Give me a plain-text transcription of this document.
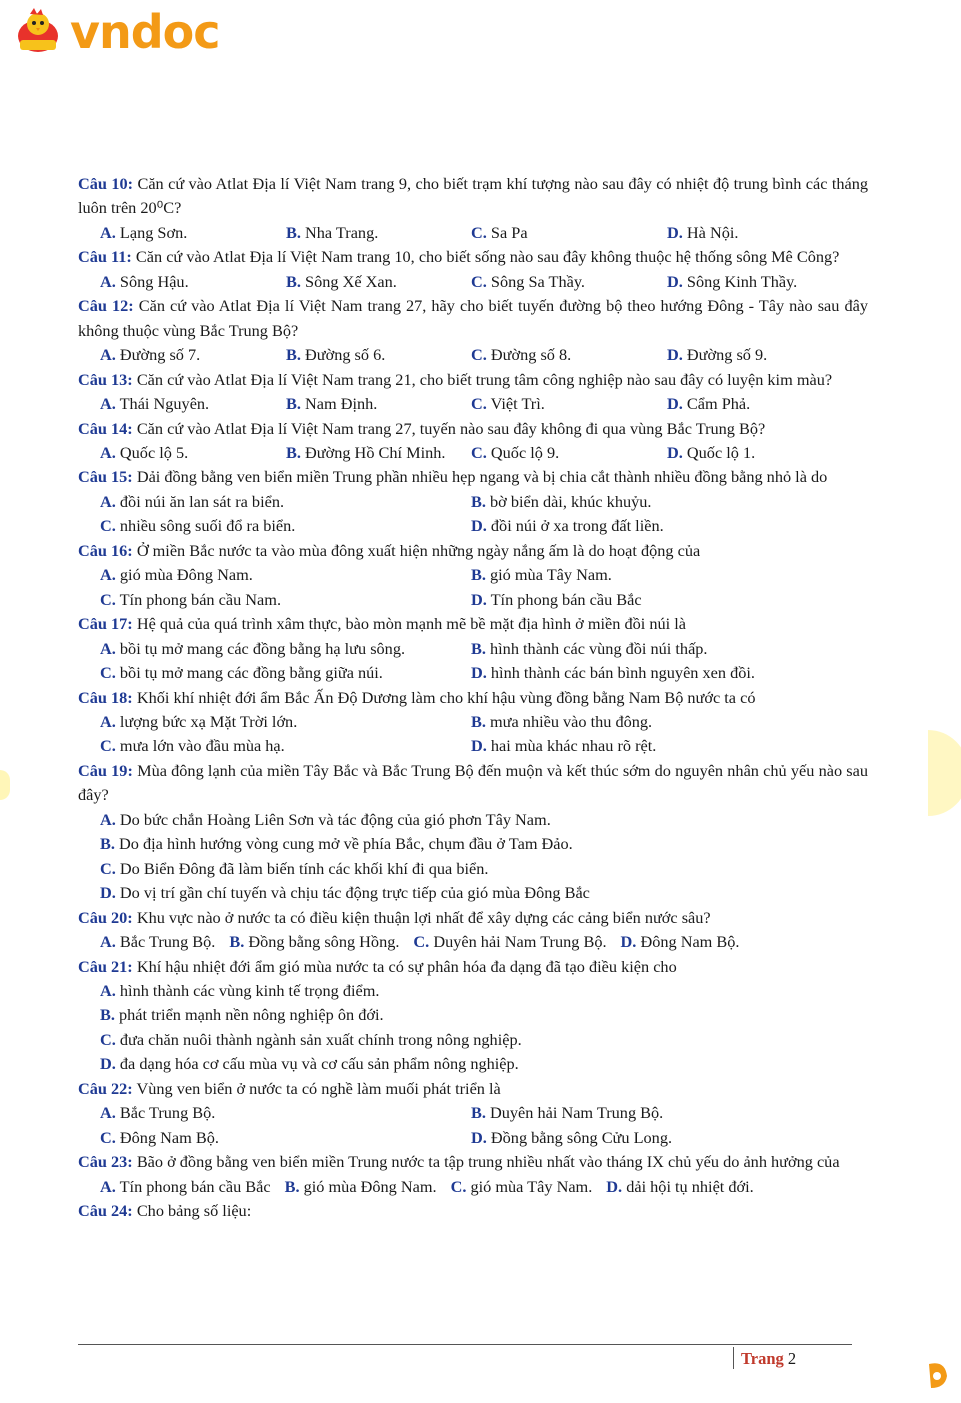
vndoc
Câu 10: Căn cứ vào Atlat Địa lí Việt Nam trang 9, cho biết trạm khí tượng nào sau đây có nhiệt độ trung bình các tháng luôn trên 20⁰C?
A. Lạng Sơn.	B. Nha Trang.	C. Sa Pa	D. Hà Nội.
Câu 11: Căn cứ vào Atlat Địa lí Việt Nam trang 10, cho biết sống nào sau đây không thuộc hệ thống sông Mê Công?
A. Sông Hậu.	B. Sông Xế Xan.	C. Sông Sa Thầy.	D. Sông Kinh Thầy.
Câu 12: Căn cứ vào Atlat Địa lí Việt Nam trang 27, hãy cho biết tuyến đường bộ theo hướng Đông - Tây nào sau đây không thuộc vùng Bắc Trung Bộ?
A. Đường số 7.	B. Đường số 6.	C. Đường số 8.	D. Đường số 9.
Câu 13: Căn cứ vào Atlat Địa lí Việt Nam trang 21, cho biết trung tâm công nghiệp nào sau đây có luyện kim màu?
A. Thái Nguyên.	B. Nam Định.	C. Việt Trì.	D. Cẩm Phả.
Câu 14: Căn cứ vào Atlat Địa lí Việt Nam trang 27, tuyến nào sau đây không đi qua vùng Bắc Trung Bộ?
A. Quốc lộ 5.	B. Đường Hồ Chí Minh.	C. Quốc lộ 9.	D. Quốc lộ 1.
Câu 15: Dải đồng bằng ven biển miền Trung phần nhiều hẹp ngang và bị chia cắt thành nhiều đồng bằng nhỏ là do
A. đồi núi ăn lan sát ra biển.	B. bờ biển dài, khúc khuỷu.
C. nhiều sông suối đổ ra biển.	D. đồi núi ở xa trong đất liền.
Câu 16: Ở miền Bắc nước ta vào mùa đông xuất hiện những ngày nắng ấm là do hoạt động của
A. gió mùa Đông Nam.	B. gió mùa Tây Nam.
C. Tín phong bán cầu Nam.	D. Tín phong bán cầu Bắc
Câu 17: Hệ quả của quá trình xâm thực, bào mòn mạnh mẽ bề mặt địa hình ở miền đồi núi là
A. bồi tụ mở mang các đồng bằng hạ lưu sông.	B. hình thành các vùng đồi núi thấp.
C. bồi tụ mở mang các đồng bằng giữa núi.	D. hình thành các bán bình nguyên xen đồi.
Câu 18: Khối khí nhiệt đới ẩm Bắc Ấn Độ Dương làm cho khí hậu vùng đồng bằng Nam Bộ nước ta có
A. lượng bức xạ Mặt Trời lớn.	B. mưa nhiều vào thu đông.
C. mưa lớn vào đầu mùa hạ.	D. hai mùa khác nhau rõ rệt.
Câu 19: Mùa đông lạnh của miền Tây Bắc và Bắc Trung Bộ đến muộn và kết thúc sớm do nguyên nhân chủ yếu nào sau đây?
A. Do bức chắn Hoàng Liên Sơn và tác động của gió phơn Tây Nam.
B. Do địa hình hướng vòng cung mở về phía Bắc, chụm đầu ở Tam Đảo.
C. Do Biển Đông đã làm biến tính các khối khí đi qua biển.
D. Do vị trí gần chí tuyến và chịu tác động trực tiếp của gió mùa Đông Bắc
Câu 20: Khu vực nào ở nước ta có điều kiện thuận lợi nhất để xây dựng các cảng biển nước sâu?
A. Bắc Trung Bộ. B. Đồng bằng sông Hồng. C. Duyên hải Nam Trung Bộ. D. Đông Nam Bộ.
Câu 21: Khí hậu nhiệt đới ẩm gió mùa nước ta có sự phân hóa đa dạng đã tạo điều kiện cho
A. hình thành các vùng kinh tế trọng điểm.
B. phát triển mạnh nền nông nghiệp ôn đới.
C. đưa chăn nuôi thành ngành sản xuất chính trong nông nghiệp.
D. đa dạng hóa cơ cấu mùa vụ và cơ cấu sản phẩm nông nghiệp.
Câu 22: Vùng ven biển ở nước ta có nghề làm muối phát triển là
A. Bắc Trung Bộ.	B. Duyên hải Nam Trung Bộ.
C. Đông Nam Bộ.	D. Đồng bằng sông Cửu Long.
Câu 23: Bão ở đồng bằng ven biển miền Trung nước ta tập trung nhiều nhất vào tháng IX chủ yếu do ảnh hưởng của
A. Tín phong bán cầu Bắc B. gió mùa Đông Nam. C. gió mùa Tây Nam. D. dải hội tụ nhiệt đới.
Câu 24: Cho bảng số liệu:
Trang 2
